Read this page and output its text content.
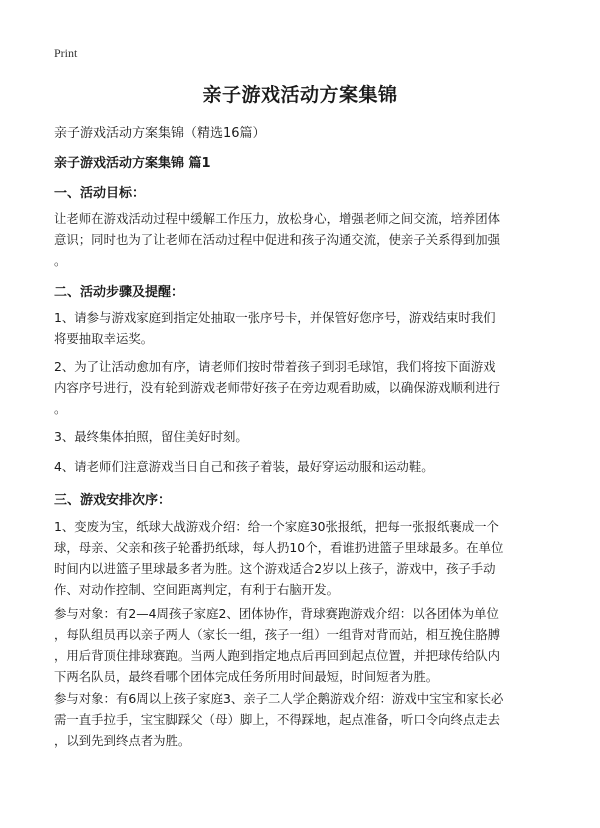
Print
亲子游戏活动方案集锦
亲子游戏活动方案集锦（精选16篇）
亲子游戏活动方案集锦 篇1
一、活动目标：
让老师在游戏活动过程中缓解工作压力，放松身心，增强老师之间交流，培养团体
意识；同时也为了让老师在活动过程中促进和孩子沟通交流，使亲子关系得到加强
。
二、活动步骤及提醒：
1、请参与游戏家庭到指定处抽取一张序号卡，并保管好您序号，游戏结束时我们
将要抽取幸运奖。
2、为了让活动愈加有序，请老师们按时带着孩子到羽毛球馆，我们将按下面游戏
内容序号进行，没有轮到游戏老师带好孩子在旁边观看助威，以确保游戏顺利进行
。
3、最终集体拍照，留住美好时刻。
4、请老师们注意游戏当日自己和孩子着装，最好穿运动服和运动鞋。
三、游戏安排次序：
1、变废为宝，纸球大战游戏介绍：给一个家庭30张报纸，把每一张报纸裹成一个
球，母亲、父亲和孩子轮番扔纸球，每人扔10个，看谁扔进篮子里球最多。在单位
时间内以进篮子里球最多者为胜。这个游戏适合2岁以上孩子，游戏中，孩子手动
作、对动作控制、空间距离判定，有利于右脑开发。
参与对象：有2—4周孩子家庭2、团体协作，背球赛跑游戏介绍：以各团体为单位
，每队组员再以亲子两人（家长一组，孩子一组）一组背对背而站，相互挽住胳膊
，用后背顶住排球赛跑。当两人跑到指定地点后再回到起点位置，并把球传给队内
下两名队员，最终看哪个团体完成任务所用时间最短，时间短者为胜。
参与对象：有6周以上孩子家庭3、亲子二人学企鹅游戏介绍：游戏中宝宝和家长必
需一直手拉手，宝宝脚踩父（母）脚上，不得踩地，起点准备，听口令向终点走去
，以到先到终点者为胜。
